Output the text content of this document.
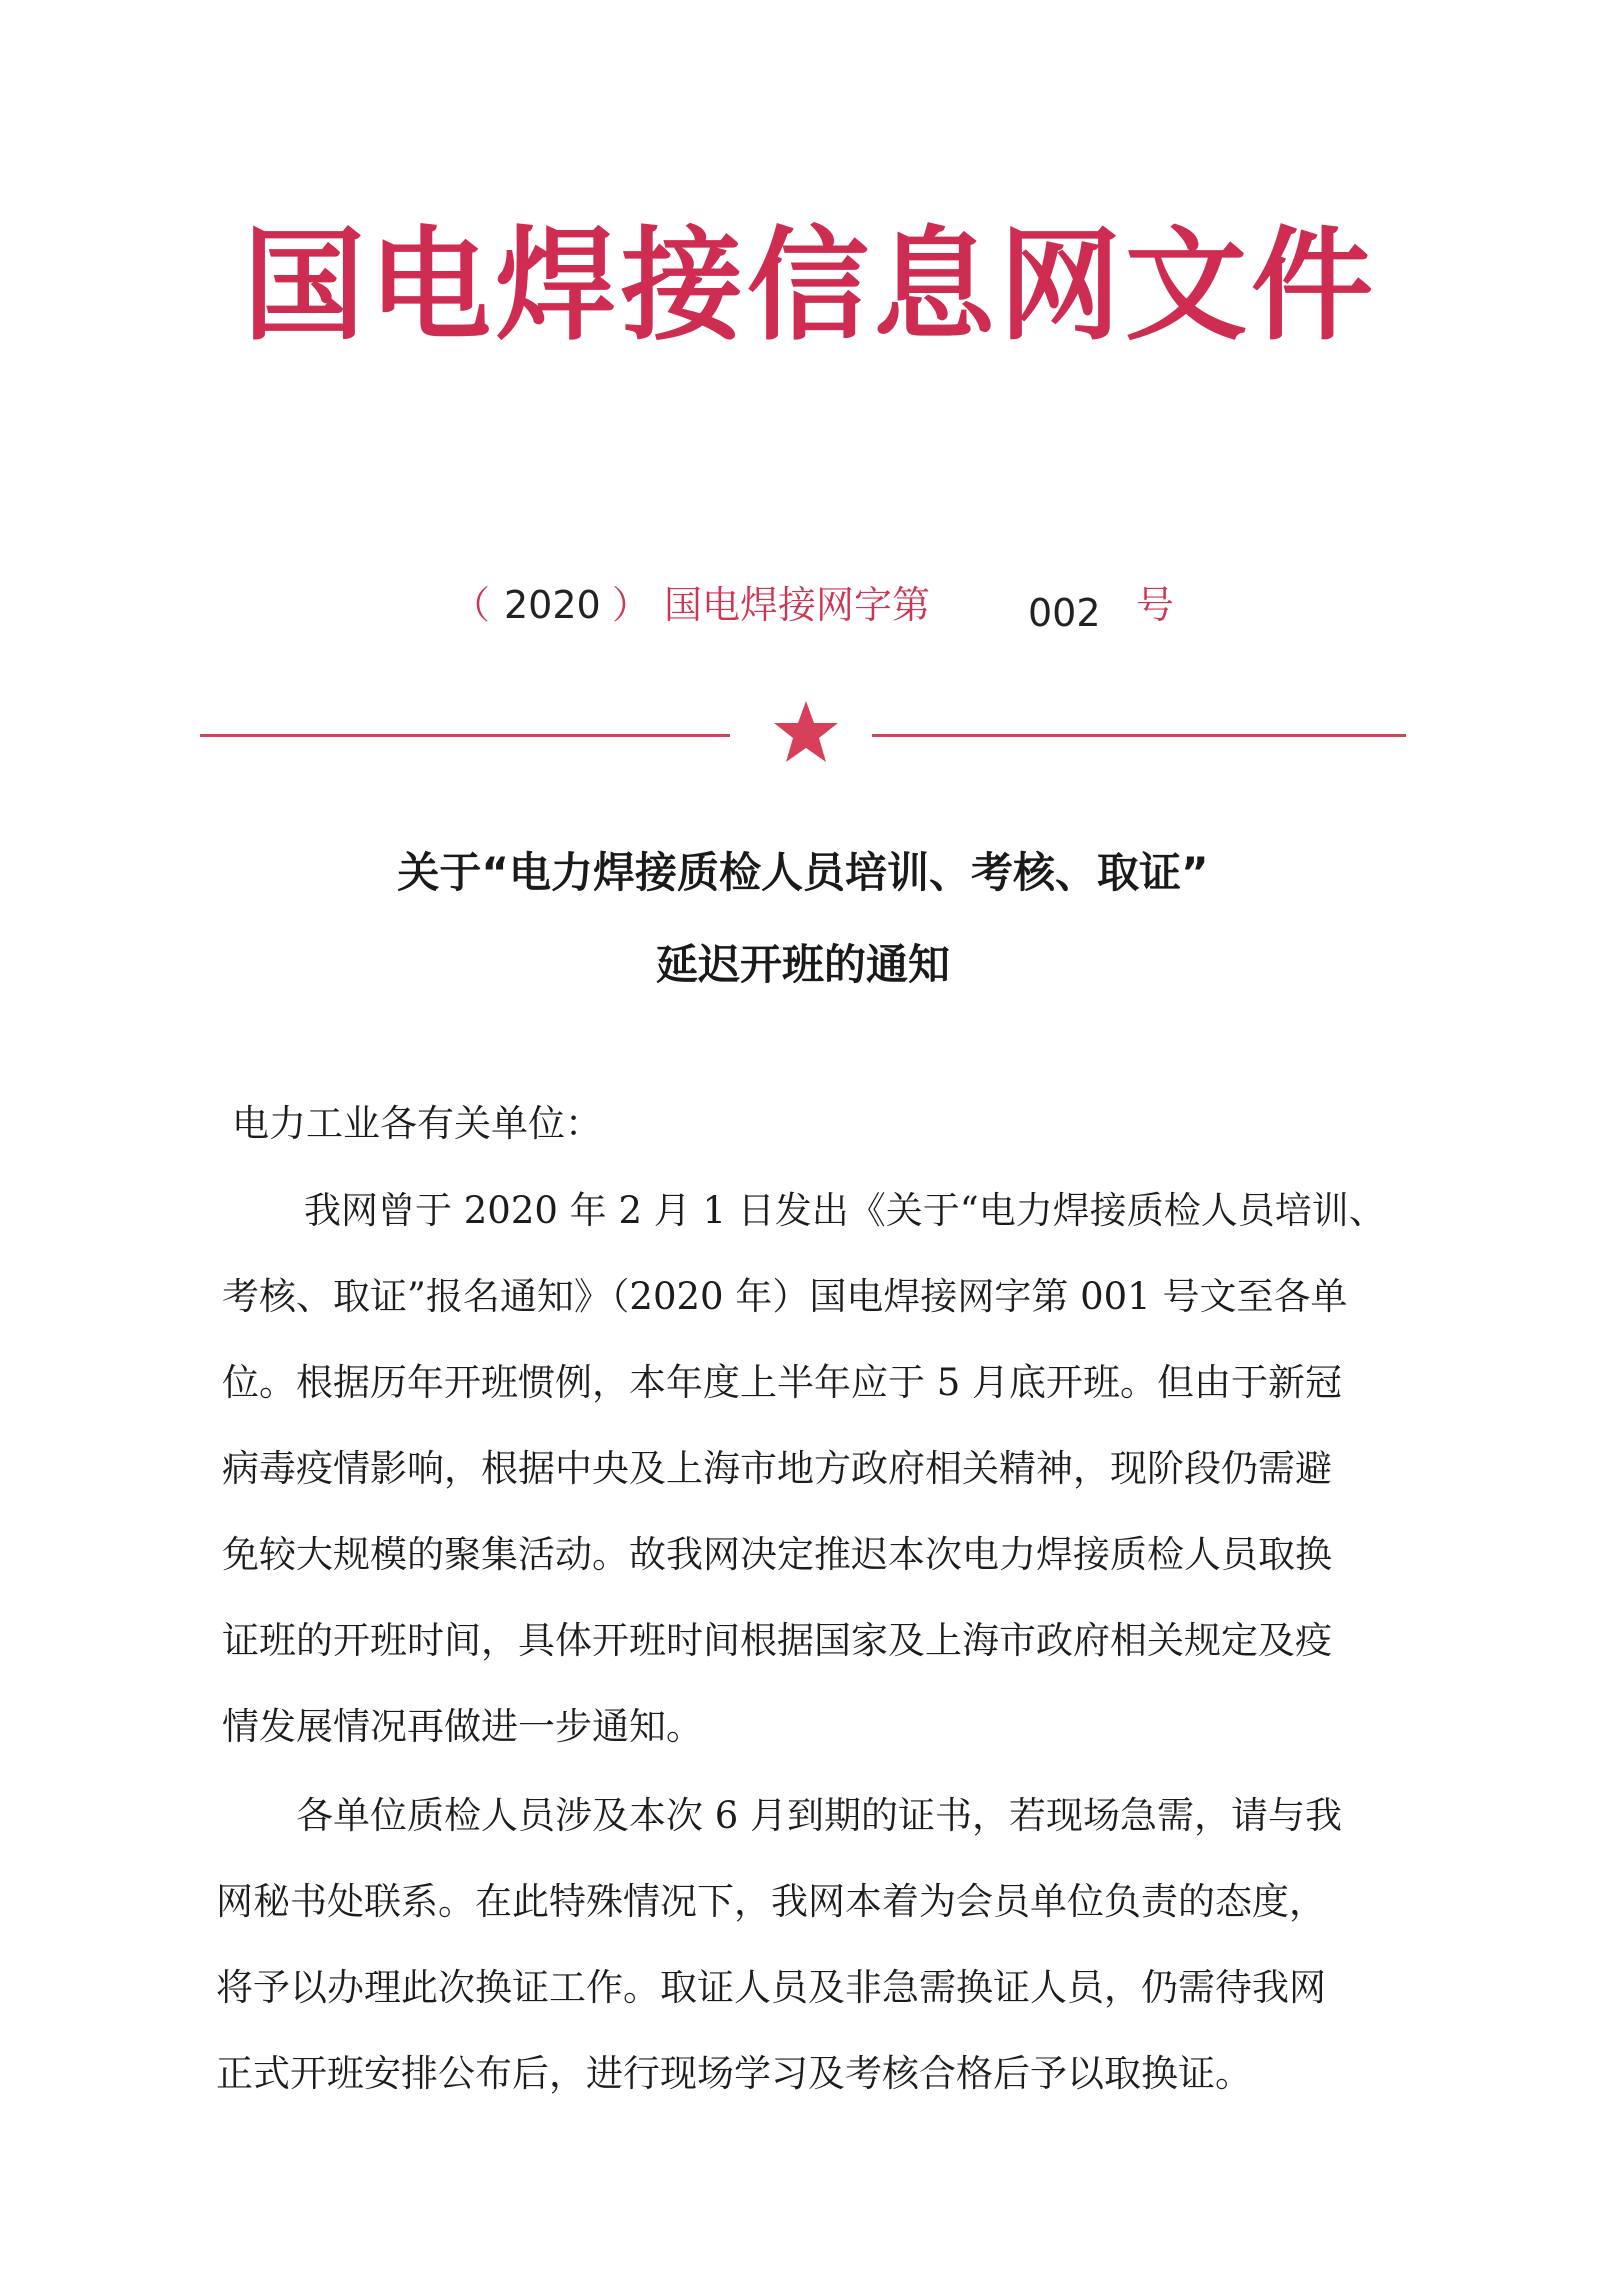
国电焊接信息网文件
（ 2020 ） 国电焊接网字第	002 号
关于“电力焊接质检人员培训、考核、取证”
延迟开班的通知
电力工业各有关单位：
我网曾于 2020 年 2 月 1 日发出《关于“电力焊接质检人员培训、
考核、取证”报名通知》（2020 年）国电焊接网字第 001 号文至各单
位。根据历年开班惯例，本年度上半年应于 5 月底开班。但由于新冠
病毒疫情影响，根据中央及上海市地方政府相关精神，现阶段仍需避
免较大规模的聚集活动。故我网决定推迟本次电力焊接质检人员取换
证班的开班时间，具体开班时间根据国家及上海市政府相关规定及疫
情发展情况再做进一步通知。
各单位质检人员涉及本次 6 月到期的证书，若现场急需，请与我
网秘书处联系。在此特殊情况下，我网本着为会员单位负责的态度，
将予以办理此次换证工作。取证人员及非急需换证人员，仍需待我网
正式开班安排公布后，进行现场学习及考核合格后予以取换证。
